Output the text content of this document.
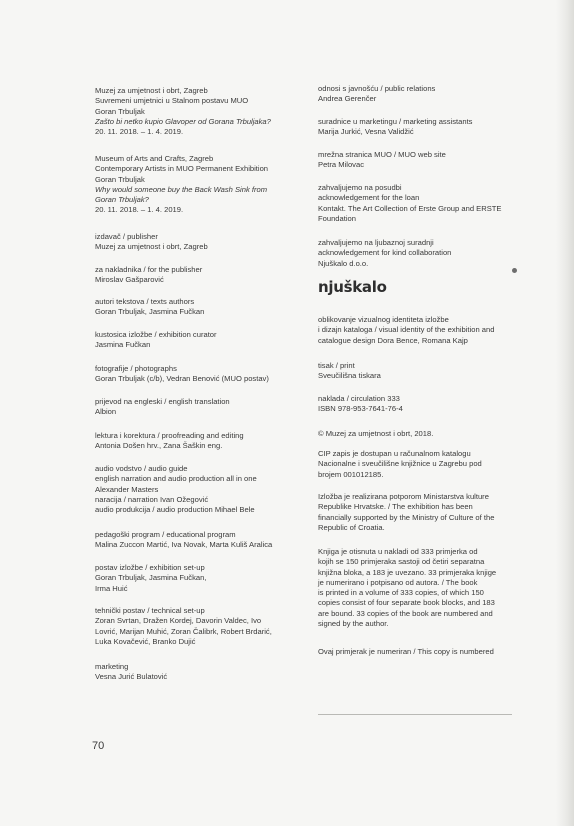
Muzej za umjetnost i obrt, Zagreb
Suvremeni umjetnici u Stalnom postavu MUO
Goran Trbuljak
Zašto bi netko kupio Glavoper od Gorana Trbuljaka?
20. 11. 2018. – 1. 4. 2019.
Museum of Arts and Crafts, Zagreb
Contemporary Artists in MUO Permanent Exhibition
Goran Trbuljak
Why would someone buy the Back Wash Sink from
Goran Trbuljak?
20. 11. 2018. – 1. 4. 2019.
izdavač / publisher
Muzej za umjetnost i obrt, Zagreb
za nakladnika / for the publisher
Miroslav Gašparović
autori tekstova / texts authors
Goran Trbuljak, Jasmina Fučkan
kustosica izložbe / exhibition curator
Jasmina Fučkan
fotografije / photographs
Goran Trbuljak (c/b), Vedran Benović (MUO postav)
prijevod na engleski / english translation
Albion
lektura i korektura / proofreading and editing
Antonia Došen hrv., Zana Šaškin eng.
audio vodstvo / audio guide
english narration and audio production all in one
Alexander Masters
naracija / narration Ivan Ožegović
audio produkcija / audio production Mihael Bele
pedagoški program / educational program
Malina Zuccon Martić, Iva Novak, Marta Kuliš Aralica
postav izložbe / exhibition set-up
Goran Trbuljak, Jasmina Fučkan,
Irma Huić
tehnički postav / technical set-up
Zoran Svrtan, Dražen Kordej, Davorin Valdec, Ivo
Lovrić, Marijan Muhić, Zoran Čalibrk, Robert Brdarić,
Luka Kovačević, Branko Dujić
marketing
Vesna Jurić Bulatović
odnosi s javnošću / public relations
Andrea Gerenčer
suradnice u marketingu / marketing assistants
Marija Jurkić, Vesna Validžić
mrežna stranica MUO / MUO web site
Petra Milovac
zahvaljujemo na posudbi
acknowledgement for the loan
Kontakt. The Art Collection of Erste Group and ERSTE
Foundation
zahvaljujemo na ljubaznoj suradnji
acknowledgement for kind collaboration
Njuškalo d.o.o.
njuškalo
oblikovanje vizualnog identiteta izložbe
i dizajn kataloga / visual identity of the exhibition and
catalogue design Dora Bence, Romana Kajp
tisak / print
Sveučilišna tiskara
naklada / circulation 333
ISBN 978-953-7641-76-4
© Muzej za umjetnost i obrt, 2018.
CIP zapis je dostupan u računalnom katalogu
Nacionalne i sveučilišne knjižnice u Zagrebu pod
brojem 001012185.
Izložba je realizirana potporom Ministarstva kulture
Republike Hrvatske. / The exhibition has been
financially supported by the Ministry of Culture of the
Republic of Croatia.
Knjiga je otisnuta u nakladi od 333 primjerka od
kojih se 150 primjeraka sastoji od četiri separatna
knjižna bloka, a 183 je uvezano. 33 primjeraka knjige
je numerirano i potpisano od autora. / The book
is printed in a volume of 333 copies, of which 150
copies consist of four separate book blocks, and 183
are bound. 33 copies of the book are numbered and
signed by the author.
Ovaj primjerak je numeriran / This copy is numbered
70
